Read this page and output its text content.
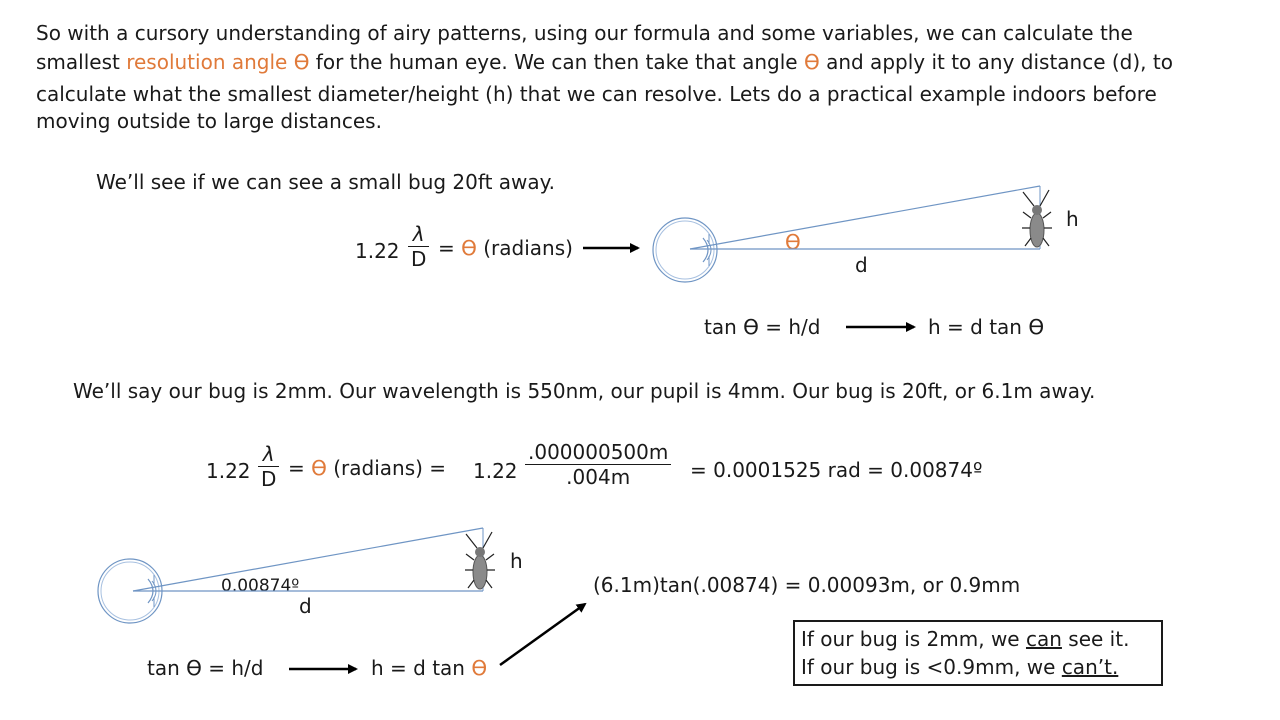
So with a cursory understanding of airy patterns, using our formula and some variables, we can calculate the
smallest resolution angle ϴ for the human eye. We can then take that angle ϴ and apply it to any distance (d), to
calculate what the smallest diameter/height (h) that we can resolve. Lets do a practical example indoors before
moving outside to large distances.
We’ll see if we can see a small bug 20ft away.
1.22
λ
D = ϴ (radians)	ϴ
d
h
tan ϴ = h/d	h = d tan ϴ
We’ll say our bug is 2mm. Our wavelength is 550nm, our pupil is 4mm. Our bug is 20ft, or 6.1m away.
1.22
λ
D = ϴ (radians) = 1.22
.000000500m
.004m	= 0.0001525 rad = 0.00874º
0.00874º
d
h
tan ϴ = h/d	h = d tan ϴ
(6.1m)tan(.00874) = 0.00093m, or 0.9mm
If our bug is 2mm, we can see it.
If our bug is <0.9mm, we can’t.
